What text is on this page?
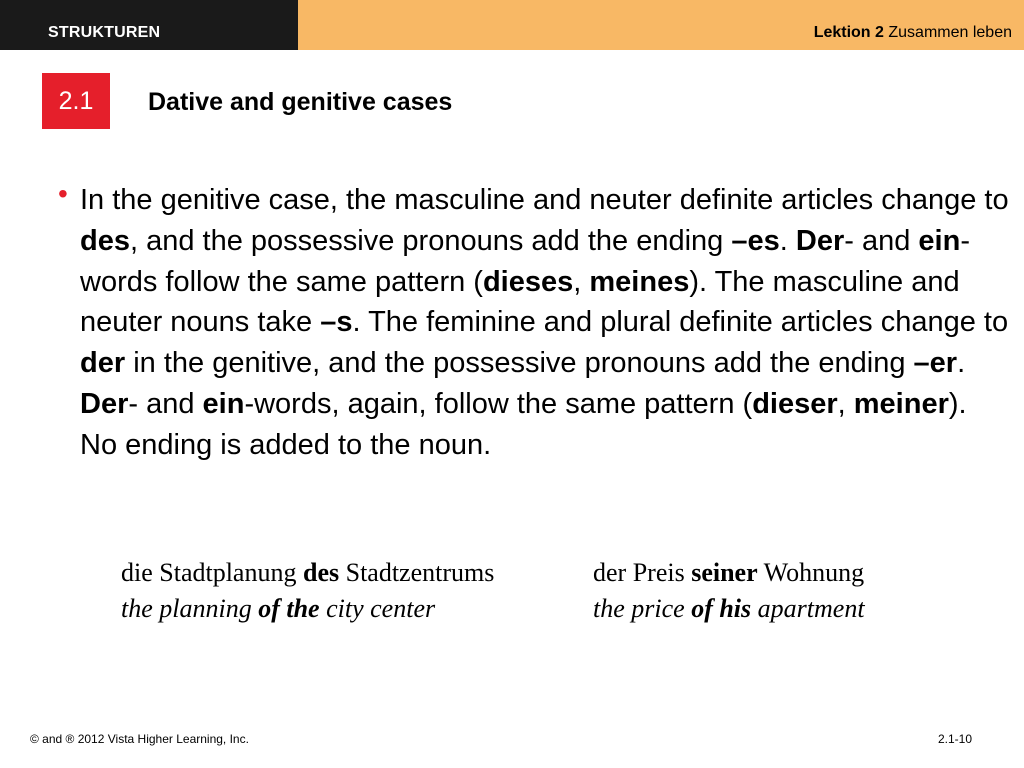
STRUKTUREN	Lektion 2 Zusammen leben
2.1	Dative and genitive cases
• In the genitive case, the masculine and neuter definite articles change to des, and the possessive pronouns add the ending –es. Der- and ein-words follow the same pattern (dieses, meines). The masculine and neuter nouns take –s. The feminine and plural definite articles change to der in the genitive, and the possessive pronouns add the ending –er. Der- and ein-words, again, follow the same pattern (dieser, meiner). No ending is added to the noun.

die Stadtplanung des Stadtzentrums
the planning of the city center
der Preis seiner Wohnung
the price of his apartment
© and ® 2012 Vista Higher Learning, Inc.	2.1-10
